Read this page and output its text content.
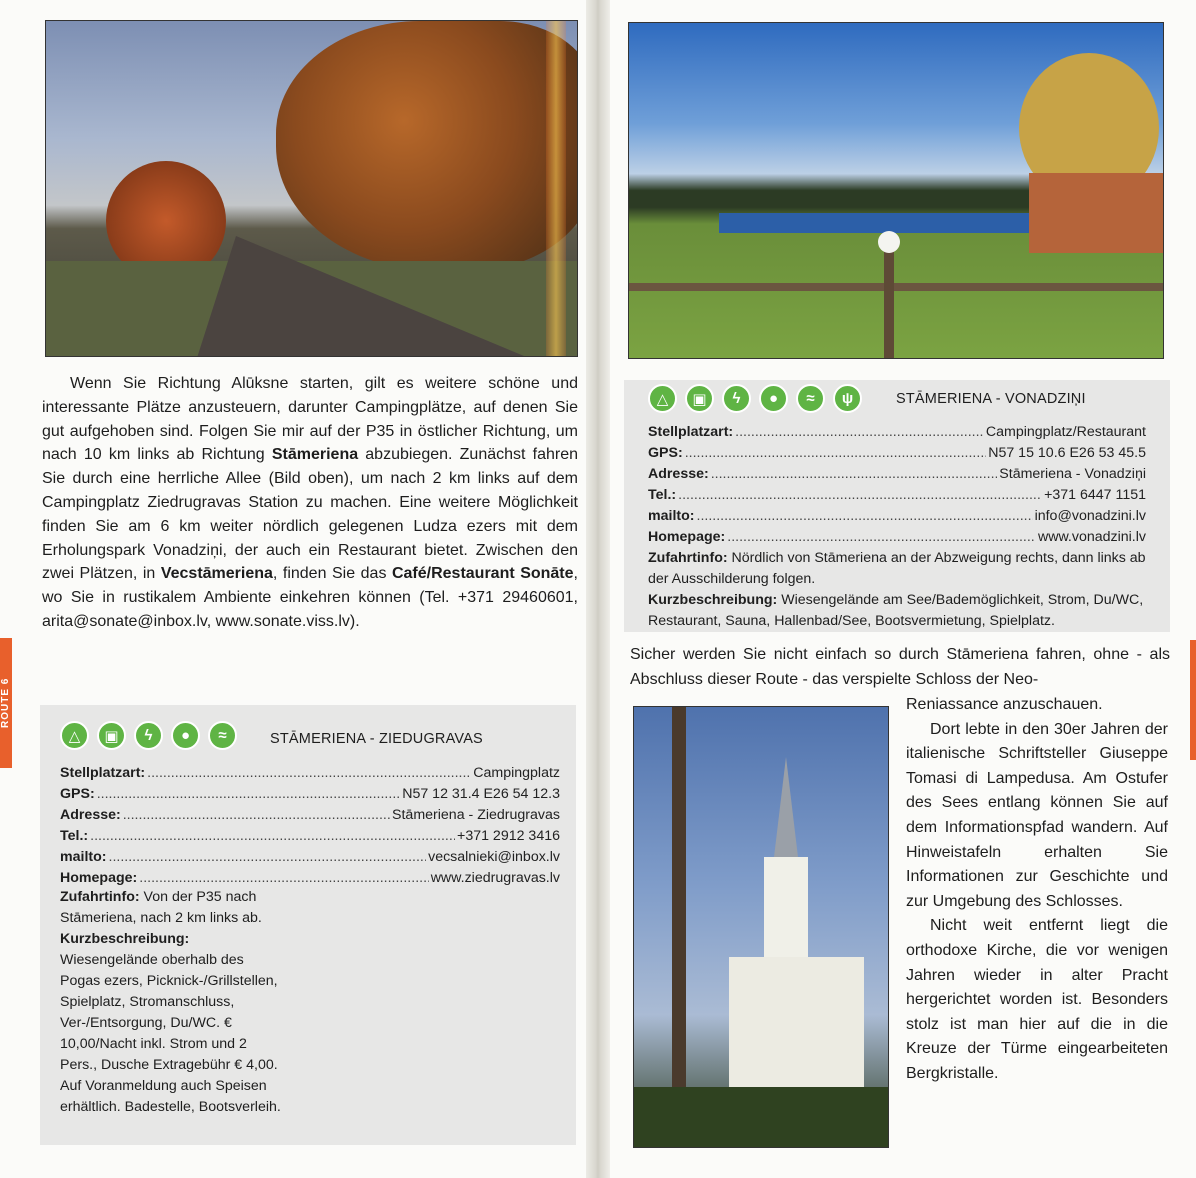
ROUTE 6
Wenn Sie Richtung Alūksne starten, gilt es weitere schöne und interessante Plätze anzusteuern, darunter Campingplätze, auf denen Sie gut aufgehoben sind. Folgen Sie mir auf der P35 in östlicher Richtung, um nach 10 km links ab Richtung Stāmeriena abzubiegen. Zunächst fahren Sie durch eine herrliche Allee (Bild oben), um nach 2 km links auf dem Campingplatz Ziedrugravas Station zu machen. Eine weitere Möglichkeit finden Sie am 6 km weiter nördlich gelegenen Ludza ezers mit dem Erholungspark Vonadziņi, der auch ein Restaurant bietet. Zwischen den zwei Plätzen, in Vecstāmeriena, finden Sie das Café/Restaurant Sonāte, wo Sie in rustikalem Ambiente einkehren können (Tel. +371 29460601, arita@sonate@inbox.lv, www.sonate.viss.lv).
△	▣	ϟ	●	≈	STĀMERIENA - ZIEDUGRAVAS
Stellplatzart: .....	Campingplatz
GPS: .....	N57 12 31.4 E26 54 12.3
Adresse: .....	Stāmeriena - Ziedrugravas
Tel.: .....	+371 2912 3416
mailto: .....	vecsalnieki@inbox.lv
Homepage: .....	www.ziedrugravas.lv
Zufahrtinfo: Von der P35 nach Stāmeriena, nach 2 km links ab.
Kurzbeschreibung: Wiesengelände oberhalb des Pogas ezers, Picknick-/Grillstellen, Spielplatz, Stromanschluss, Ver-/Entsorgung, Du/WC. € 10,00/Nacht inkl. Strom und 2 Pers., Dusche Extragebühr € 4,00. Auf Voranmeldung auch Speisen erhältlich. Badestelle, Bootsverleih.
△	▣	ϟ	●	≈	ψ	STĀMERIENA - VONADZIŅI
Stellplatzart: .....	Campingplatz/Restaurant
GPS: .....	N57 15 10.6 E26 53 45.5
Adresse: .....	Stāmeriena - Vonadziņi
Tel.: .....	+371 6447 1151
mailto: .....	info@vonadzini.lv
Homepage: .....	www.vonadzini.lv
Zufahrtinfo: Nördlich von Stāmeriena an der Abzweigung rechts, dann links ab der Ausschilderung folgen.
Kurzbeschreibung: Wiesengelände am See/Bademöglichkeit, Strom, Du/WC, Restaurant, Sauna, Hallenbad/See, Bootsvermietung, Spielplatz.
Sicher werden Sie nicht einfach so durch Stāmeriena fahren, ohne - als Abschluss dieser Route - das verspielte Schloss der Neo-

Reniassance anzuschauen.

Dort lebte in den 30er Jahren der italienische Schriftsteller Giuseppe Tomasi di Lampedusa. Am Ostufer des Sees entlang können Sie auf dem Informationspfad wandern. Auf Hinweistafeln erhalten Sie Informationen zur Geschichte und zur Umgebung des Schlosses.

Nicht weit entfernt liegt die orthodoxe Kirche, die vor wenigen Jahren wieder in alter Pracht hergerichtet worden ist. Besonders stolz ist man hier auf die in die Kreuze der Türme eingearbeiteten Bergkristalle.
